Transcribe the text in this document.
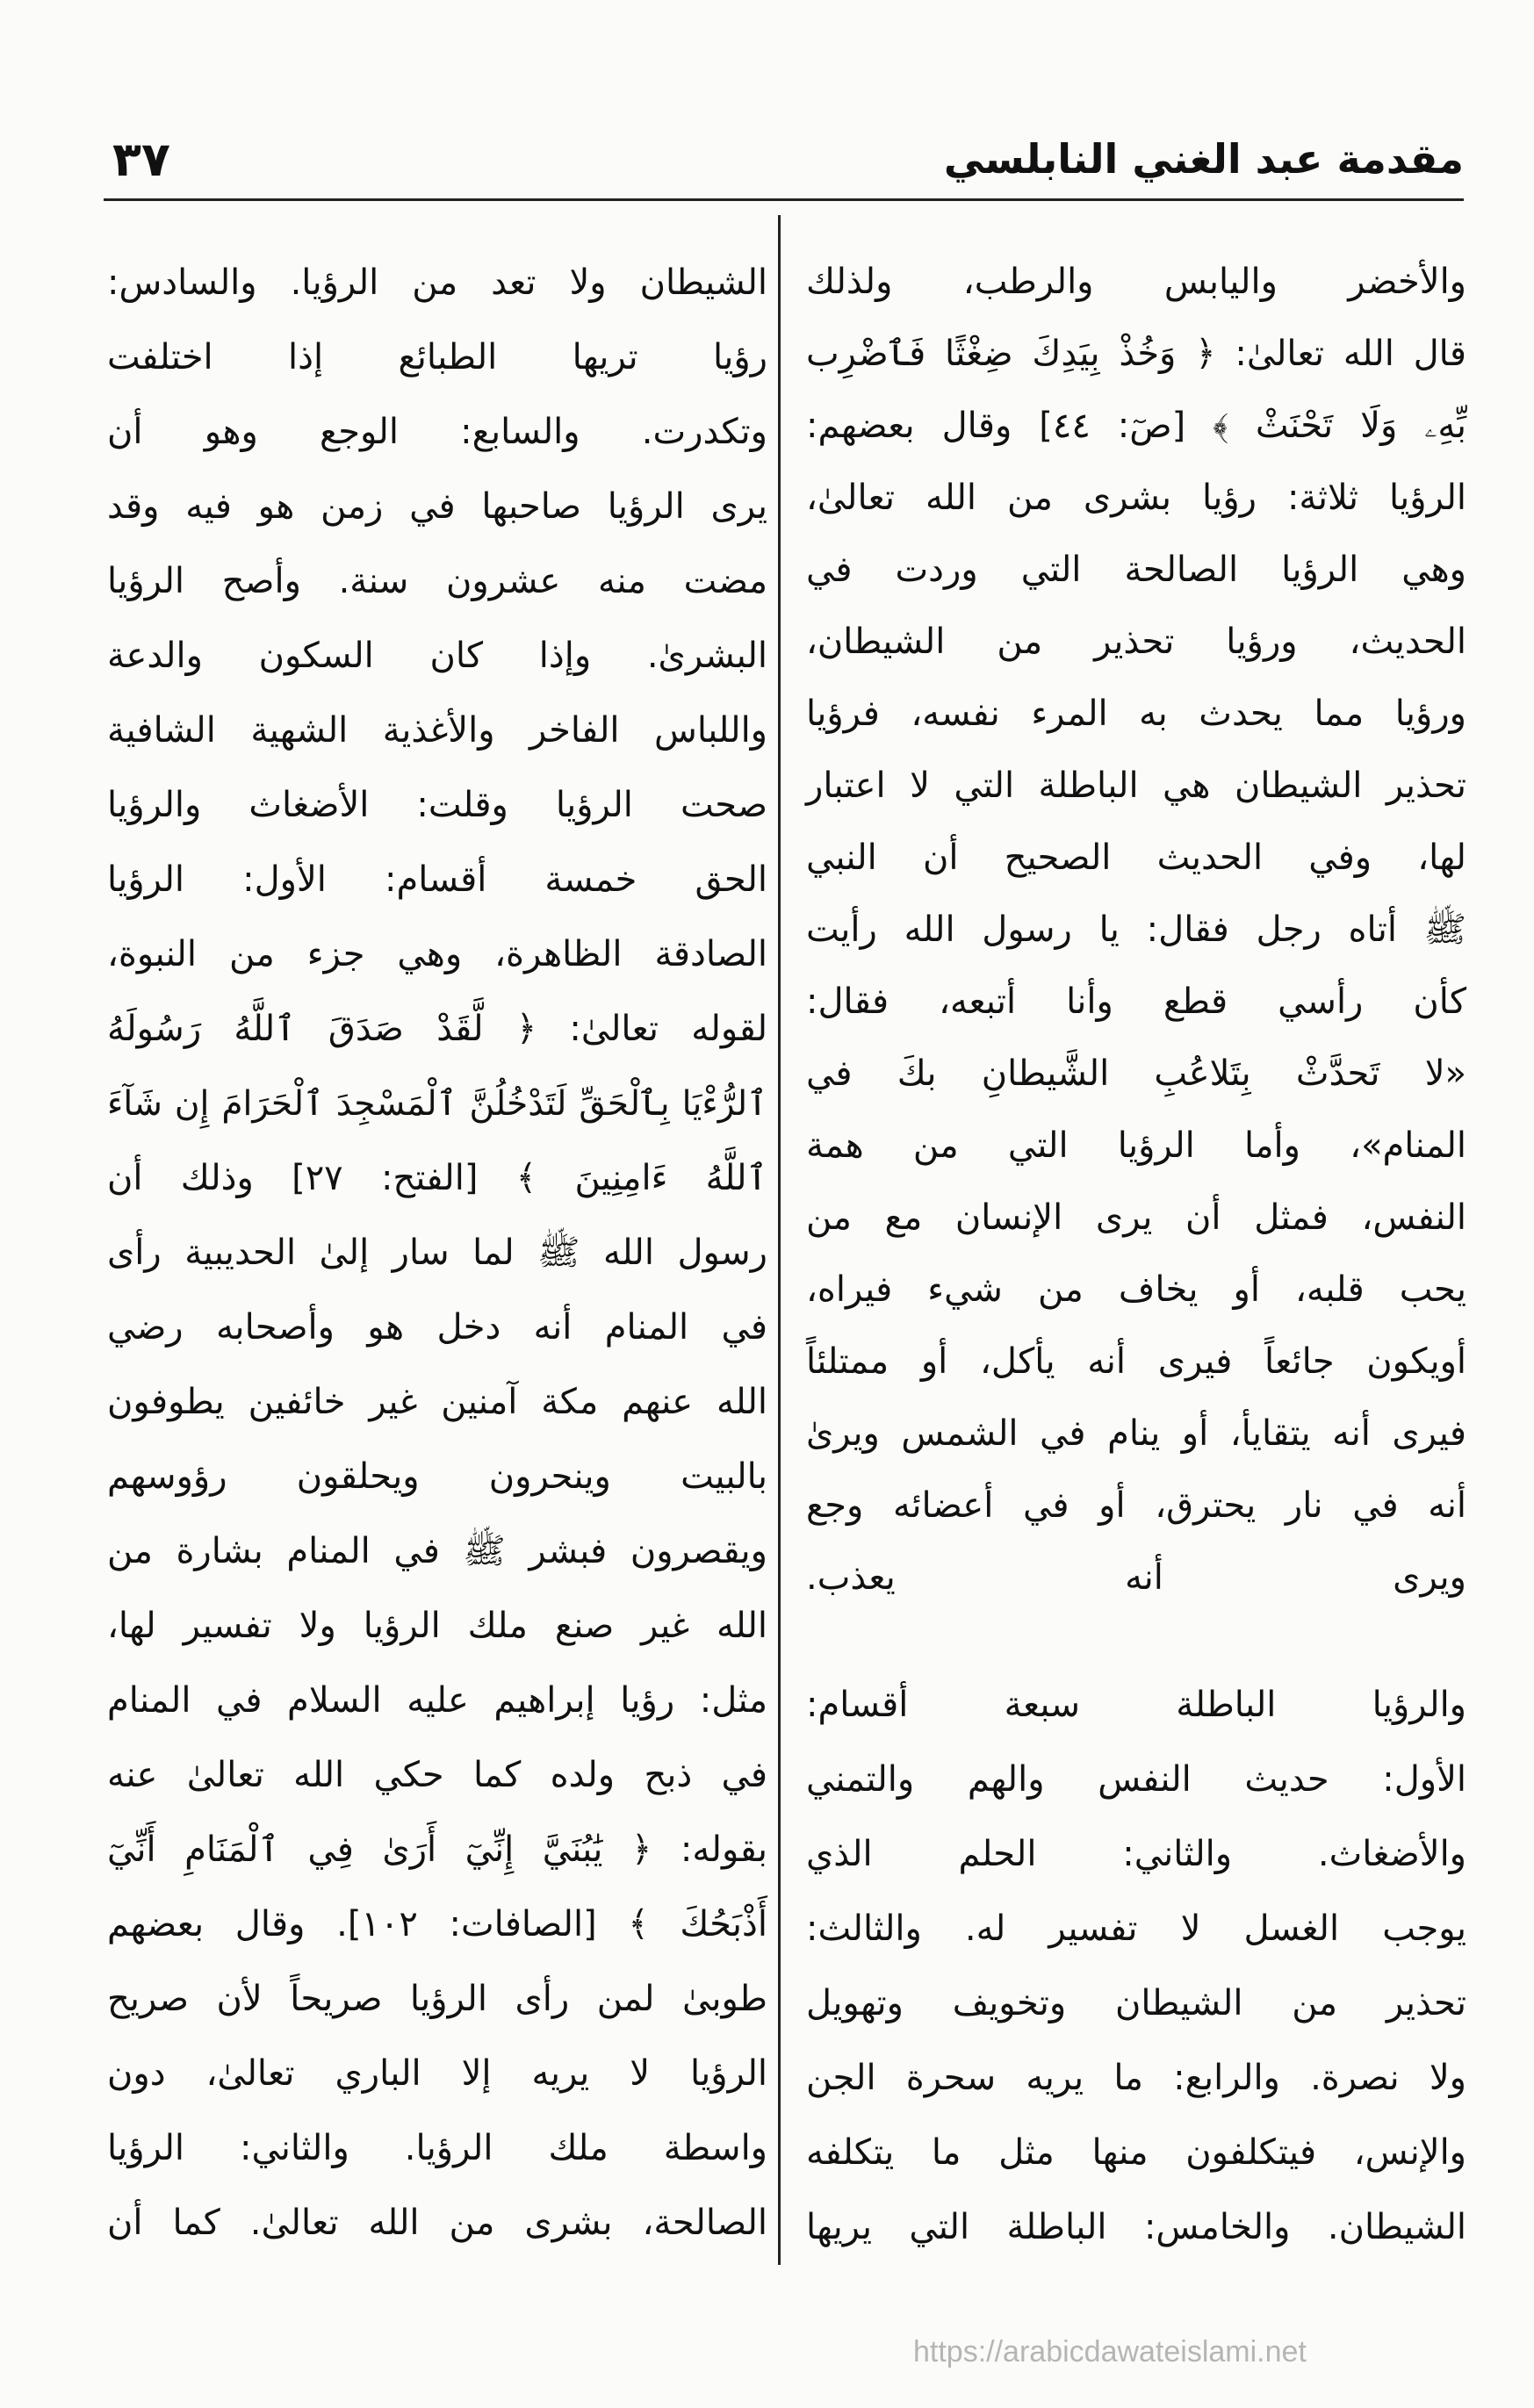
٣٧	مقدمة عبد الغني النابلسي
والأخضر واليابس والرطب، ولذلك
قال الله تعالىٰ: ﴿ وَخُذْ بِيَدِكَ ضِغْثًا فَٱضْرِب
بِّهِۦ وَلَا تَحْنَثْ ﴾ [صٓ: ٤٤] وقال بعضهم:
الرؤيا ثلاثة: رؤيا بشرى من الله تعالىٰ،
وهي الرؤيا الصالحة التي وردت في
الحديث، ورؤيا تحذير من الشيطان،
ورؤيا مما يحدث به المرء نفسه، فرؤيا
تحذير الشيطان هي الباطلة التي لا اعتبار
لها، وفي الحديث الصحيح أن النبي
ﷺ أتاه رجل فقال: يا رسول الله رأيت
كأن رأسي قطع وأنا أتبعه، فقال:
«لا تَحدَّثْ بِتَلاعُبِ الشَّيطانِ بكَ في
المنام»، وأما الرؤيا التي من همة
النفس، فمثل أن يرى الإنسان مع من
يحب قلبه، أو يخاف من شيء فيراه،
أويكون جائعاً فيرى أنه يأكل، أو ممتلئاً
فيرى أنه يتقايأ، أو ينام في الشمس ويرىٰ
أنه في نار يحترق، أو في أعضائه وجع
ويرى أنه يعذب.
والرؤيا الباطلة سبعة أقسام:
الأول: حديث النفس والهم والتمني
والأضغاث. والثاني: الحلم الذي
يوجب الغسل لا تفسير له. والثالث:
تحذير من الشيطان وتخويف وتهويل
ولا نصرة. والرابع: ما يريه سحرة الجن
والإنس، فيتكلفون منها مثل ما يتكلفه
الشيطان. والخامس: الباطلة التي يريها
الشيطان ولا تعد من الرؤيا. والسادس:
رؤيا تريها الطبائع إذا اختلفت
وتكدرت. والسابع: الوجع وهو أن
يرى الرؤيا صاحبها في زمن هو فيه وقد
مضت منه عشرون سنة. وأصح الرؤيا
البشرىٰ. وإذا كان السكون والدعة
واللباس الفاخر والأغذية الشهية الشافية
صحت الرؤيا وقلت: الأضغاث والرؤيا
الحق خمسة أقسام: الأول: الرؤيا
الصادقة الظاهرة، وهي جزء من النبوة،
لقوله تعالىٰ: ﴿ لَّقَدْ صَدَقَ ٱللَّهُ رَسُولَهُ
ٱلرُّءْيَا بِٱلْحَقِّ لَتَدْخُلُنَّ ٱلْمَسْجِدَ ٱلْحَرَامَ إِن شَآءَ
ٱللَّهُ ءَامِنِينَ ﴾ [الفتح: ٢٧] وذلك أن
رسول الله ﷺ لما سار إلىٰ الحديبية رأى
في المنام أنه دخل هو وأصحابه رضي
الله عنهم مكة آمنين غير خائفين يطوفون
بالبيت وينحرون ويحلقون رؤوسهم
ويقصرون فبشر ﷺ في المنام بشارة من
الله غير صنع ملك الرؤيا ولا تفسير لها،
مثل: رؤيا إبراهيم عليه السلام في المنام
في ذبح ولده كما حكي الله تعالىٰ عنه
بقوله: ﴿ يَٰبُنَيَّ إِنِّيٓ أَرَىٰ فِي ٱلْمَنَامِ أَنِّيٓ
أَذْبَحُكَ ﴾ [الصافات: ١٠٢]. وقال بعضهم
طوبىٰ لمن رأى الرؤيا صريحاً لأن صريح
الرؤيا لا يريه إلا الباري تعالىٰ، دون
واسطة ملك الرؤيا. والثاني: الرؤيا
الصالحة، بشرى من الله تعالىٰ. كما أن
https://arabicdawateislami.net
